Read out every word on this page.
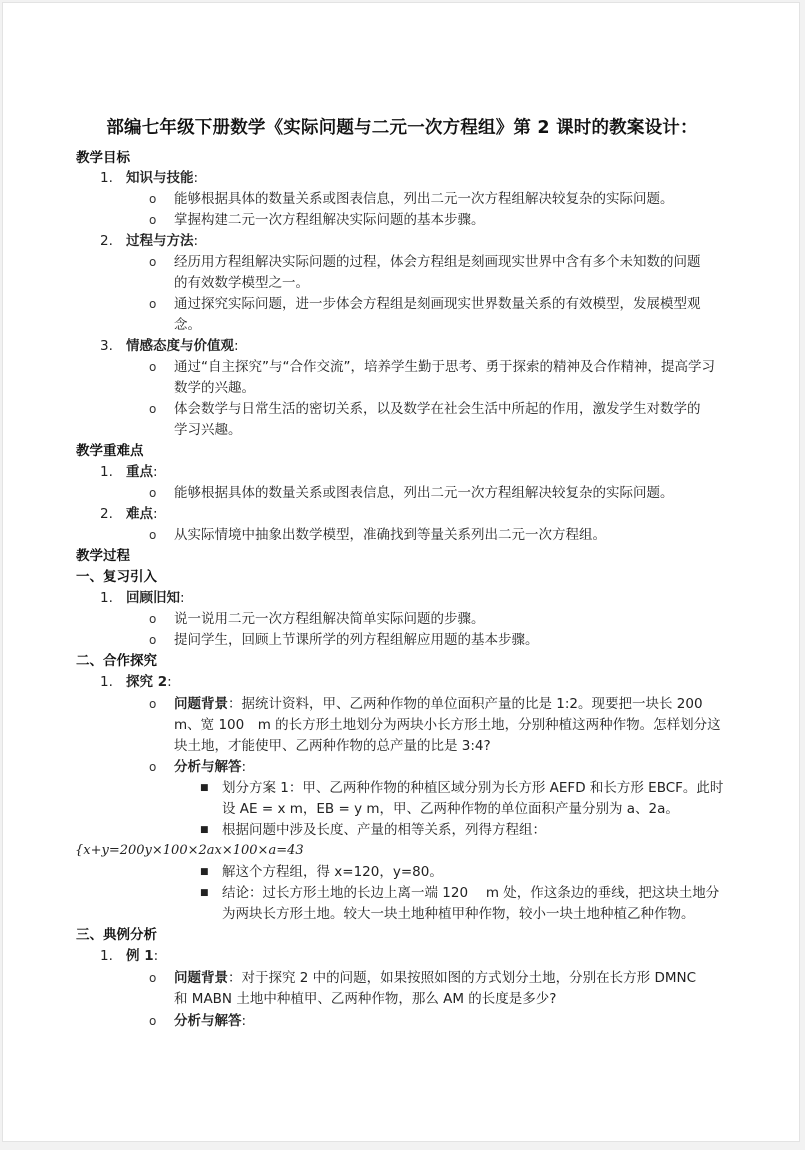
部编七年级下册数学《实际问题与二元一次方程组》第 2 课时的教案设计：
教学目标
1. 知识与技能:
o 能够根据具体的数量关系或图表信息，列出二元一次方程组解决较复杂的实际问题。
o 掌握构建二元一次方程组解决实际问题的基本步骤。
2. 过程与方法:
o 经历用方程组解决实际问题的过程，体会方程组是刻画现实世界中含有多个未知数的问题
的有效数学模型之一。
o 通过探究实际问题，进一步体会方程组是刻画现实世界数量关系的有效模型，发展模型观
念。
3. 情感态度与价值观:
o 通过“自主探究”与“合作交流”，培养学生勤于思考、勇于探索的精神及合作精神，提高学习
数学的兴趣。
o 体会数学与日常生活的密切关系，以及数学在社会生活中所起的作用，激发学生对数学的
学习兴趣。
教学重难点
1. 重点:
o 能够根据具体的数量关系或图表信息，列出二元一次方程组解决较复杂的实际问题。
2. 难点:
o 从实际情境中抽象出数学模型，准确找到等量关系列出二元一次方程组。
教学过程
一、复习引入
1. 回顾旧知:
o 说一说用二元一次方程组解决简单实际问题的步骤。
o 提问学生，回顾上节课所学的列方程组解应用题的基本步骤。
二、合作探究
1. 探究 2:
o 问题背景：据统计资料，甲、乙两种作物的单位面积产量的比是 1:2。现要把一块长 200
m、宽 100　m 的长方形土地划分为两块小长方形土地，分别种植这两种作物。怎样划分这
块土地，才能使甲、乙两种作物的总产量的比是 3:4?
o 分析与解答:
■ 划分方案 1：甲、乙两种作物的种植区域分别为长方形 AEFD 和长方形 EBCF。此时
设 AE = x m，EB = y m，甲、乙两种作物的单位面积产量分别为 a、2a。
■ 根据问题中涉及长度、产量的相等关系，列得方程组：
{x+y=200y×100×2ax×100×a=43
■ 解这个方程组，得 x=120，y=80。
■ 结论：过长方形土地的长边上离一端 120　 m 处，作这条边的垂线，把这块土地分
为两块长方形土地。较大一块土地种植甲种作物，较小一块土地种植乙种作物。
三、典例分析
1. 例 1:
o 问题背景：对于探究 2 中的问题，如果按照如图的方式划分土地，分别在长方形 DMNC
和 MABN 土地中种植甲、乙两种作物，那么 AM 的长度是多少?
o 分析与解答:
